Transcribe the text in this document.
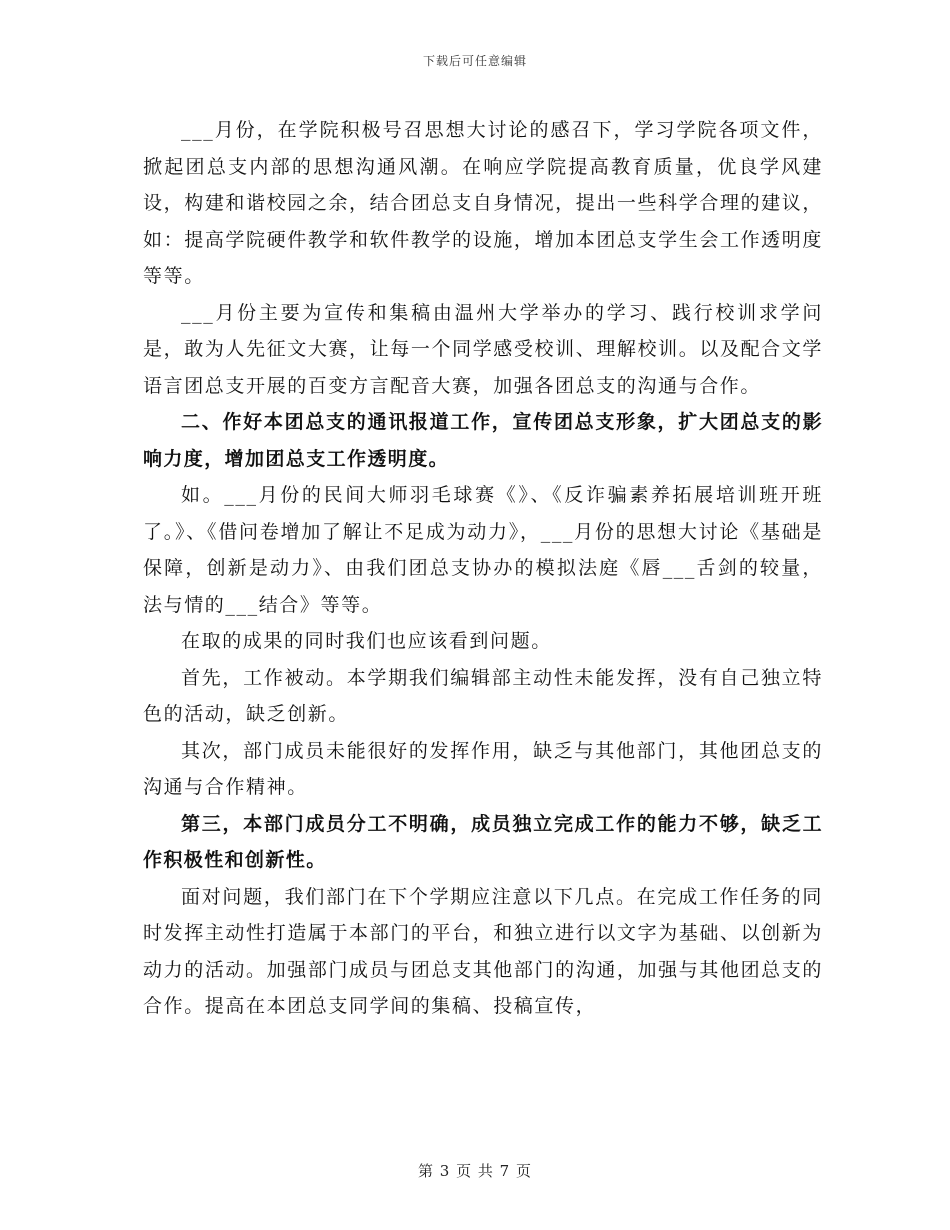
下载后可任意编辑

___月份，在学院积极号召思想大讨论的感召下，学习学院各项文件，掀起团总支内部的思想沟通风潮。在响应学院提高教育质量，优良学风建设，构建和谐校园之余，结合团总支自身情况，提出一些科学合理的建议，如：提高学院硬件教学和软件教学的设施，增加本团总支学生会工作透明度等等。

___月份主要为宣传和集稿由温州大学举办的学习、践行校训求学问是，敢为人先征文大赛，让每一个同学感受校训、理解校训。以及配合文学语言团总支开展的百变方言配音大赛，加强各团总支的沟通与合作。

二、作好本团总支的通讯报道工作，宣传团总支形象，扩大团总支的影响力度，增加团总支工作透明度。

如。___月份的民间大师羽毛球赛《》、《反诈骗素养拓展培训班开班了。》、《借问卷增加了解让不足成为动力》，___月份的思想大讨论《基础是保障，创新是动力》、由我们团总支协办的模拟法庭《唇___舌剑的较量，法与情的___结合》等等。

在取的成果的同时我们也应该看到问题。

首先，工作被动。本学期我们编辑部主动性未能发挥，没有自己独立特色的活动，缺乏创新。

其次，部门成员未能很好的发挥作用，缺乏与其他部门，其他团总支的沟通与合作精神。

第三，本部门成员分工不明确，成员独立完成工作的能力不够，缺乏工作积极性和创新性。

面对问题，我们部门在下个学期应注意以下几点。在完成工作任务的同时发挥主动性打造属于本部门的平台，和独立进行以文字为基础、以创新为动力的活动。加强部门成员与团总支其他部门的沟通，加强与其他团总支的合作。提高在本团总支同学间的集稿、投稿宣传，

第 3 页 共 7 页
